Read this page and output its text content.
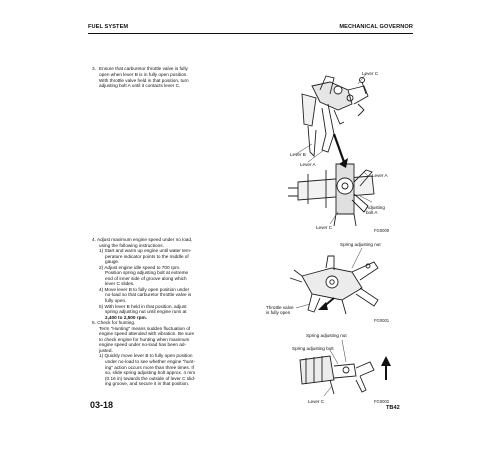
FUEL SYSTEM	MECHANICAL GOVERNOR
3. Ensure that carburetor throttle valve is fully
open when lever B is in fully open position.
With throttle valve held in that position, turn
adjusting bolt A until it contacts lever C.
4. Adjust maximum engine speed under no load,
using the following instructions.
1) Start and warm up engine until water tem-
perature indicator points to the middle of
gauge.
2) Adjust engine idle speed to 700 rpm.
Position spring adjusting bolt at extreme
end of inner side of groove along which
lever C slides.
4) Move lever B to fully open position under
no-load so that carburetor throttle valve is
fully open.
5) With lever B held in that position, adjust
spring adjusting nut until engine runs at
2,400 to 2,500 rpm.
5. Check for hunting.
Term "Hunting" means sudden fluctuation of
engine speed attended with vibration. Be sure
to check engine for hunting when maximum
engine speed under no-load has been ad-
justed.
1) Quickly move lever B to fully open position
under no-load to see whether engine "hunt-
ing" action occurs more than three times. If
so, slide spring adjusting bolt approx. 4 mm
(0.16 in) towards the outside of lever C slid-
ing groove, and secure it in that position.
Lever C
Lever B
Lever A
Lever A
Adjusting
bolt A
Lever C
FG0000
Spring adjusting nut
Throttle valve
is fully open
FG0001
Spring adjusting nut
Spring adjusting bolt
Lever C	FG0002
03-18	TB42
